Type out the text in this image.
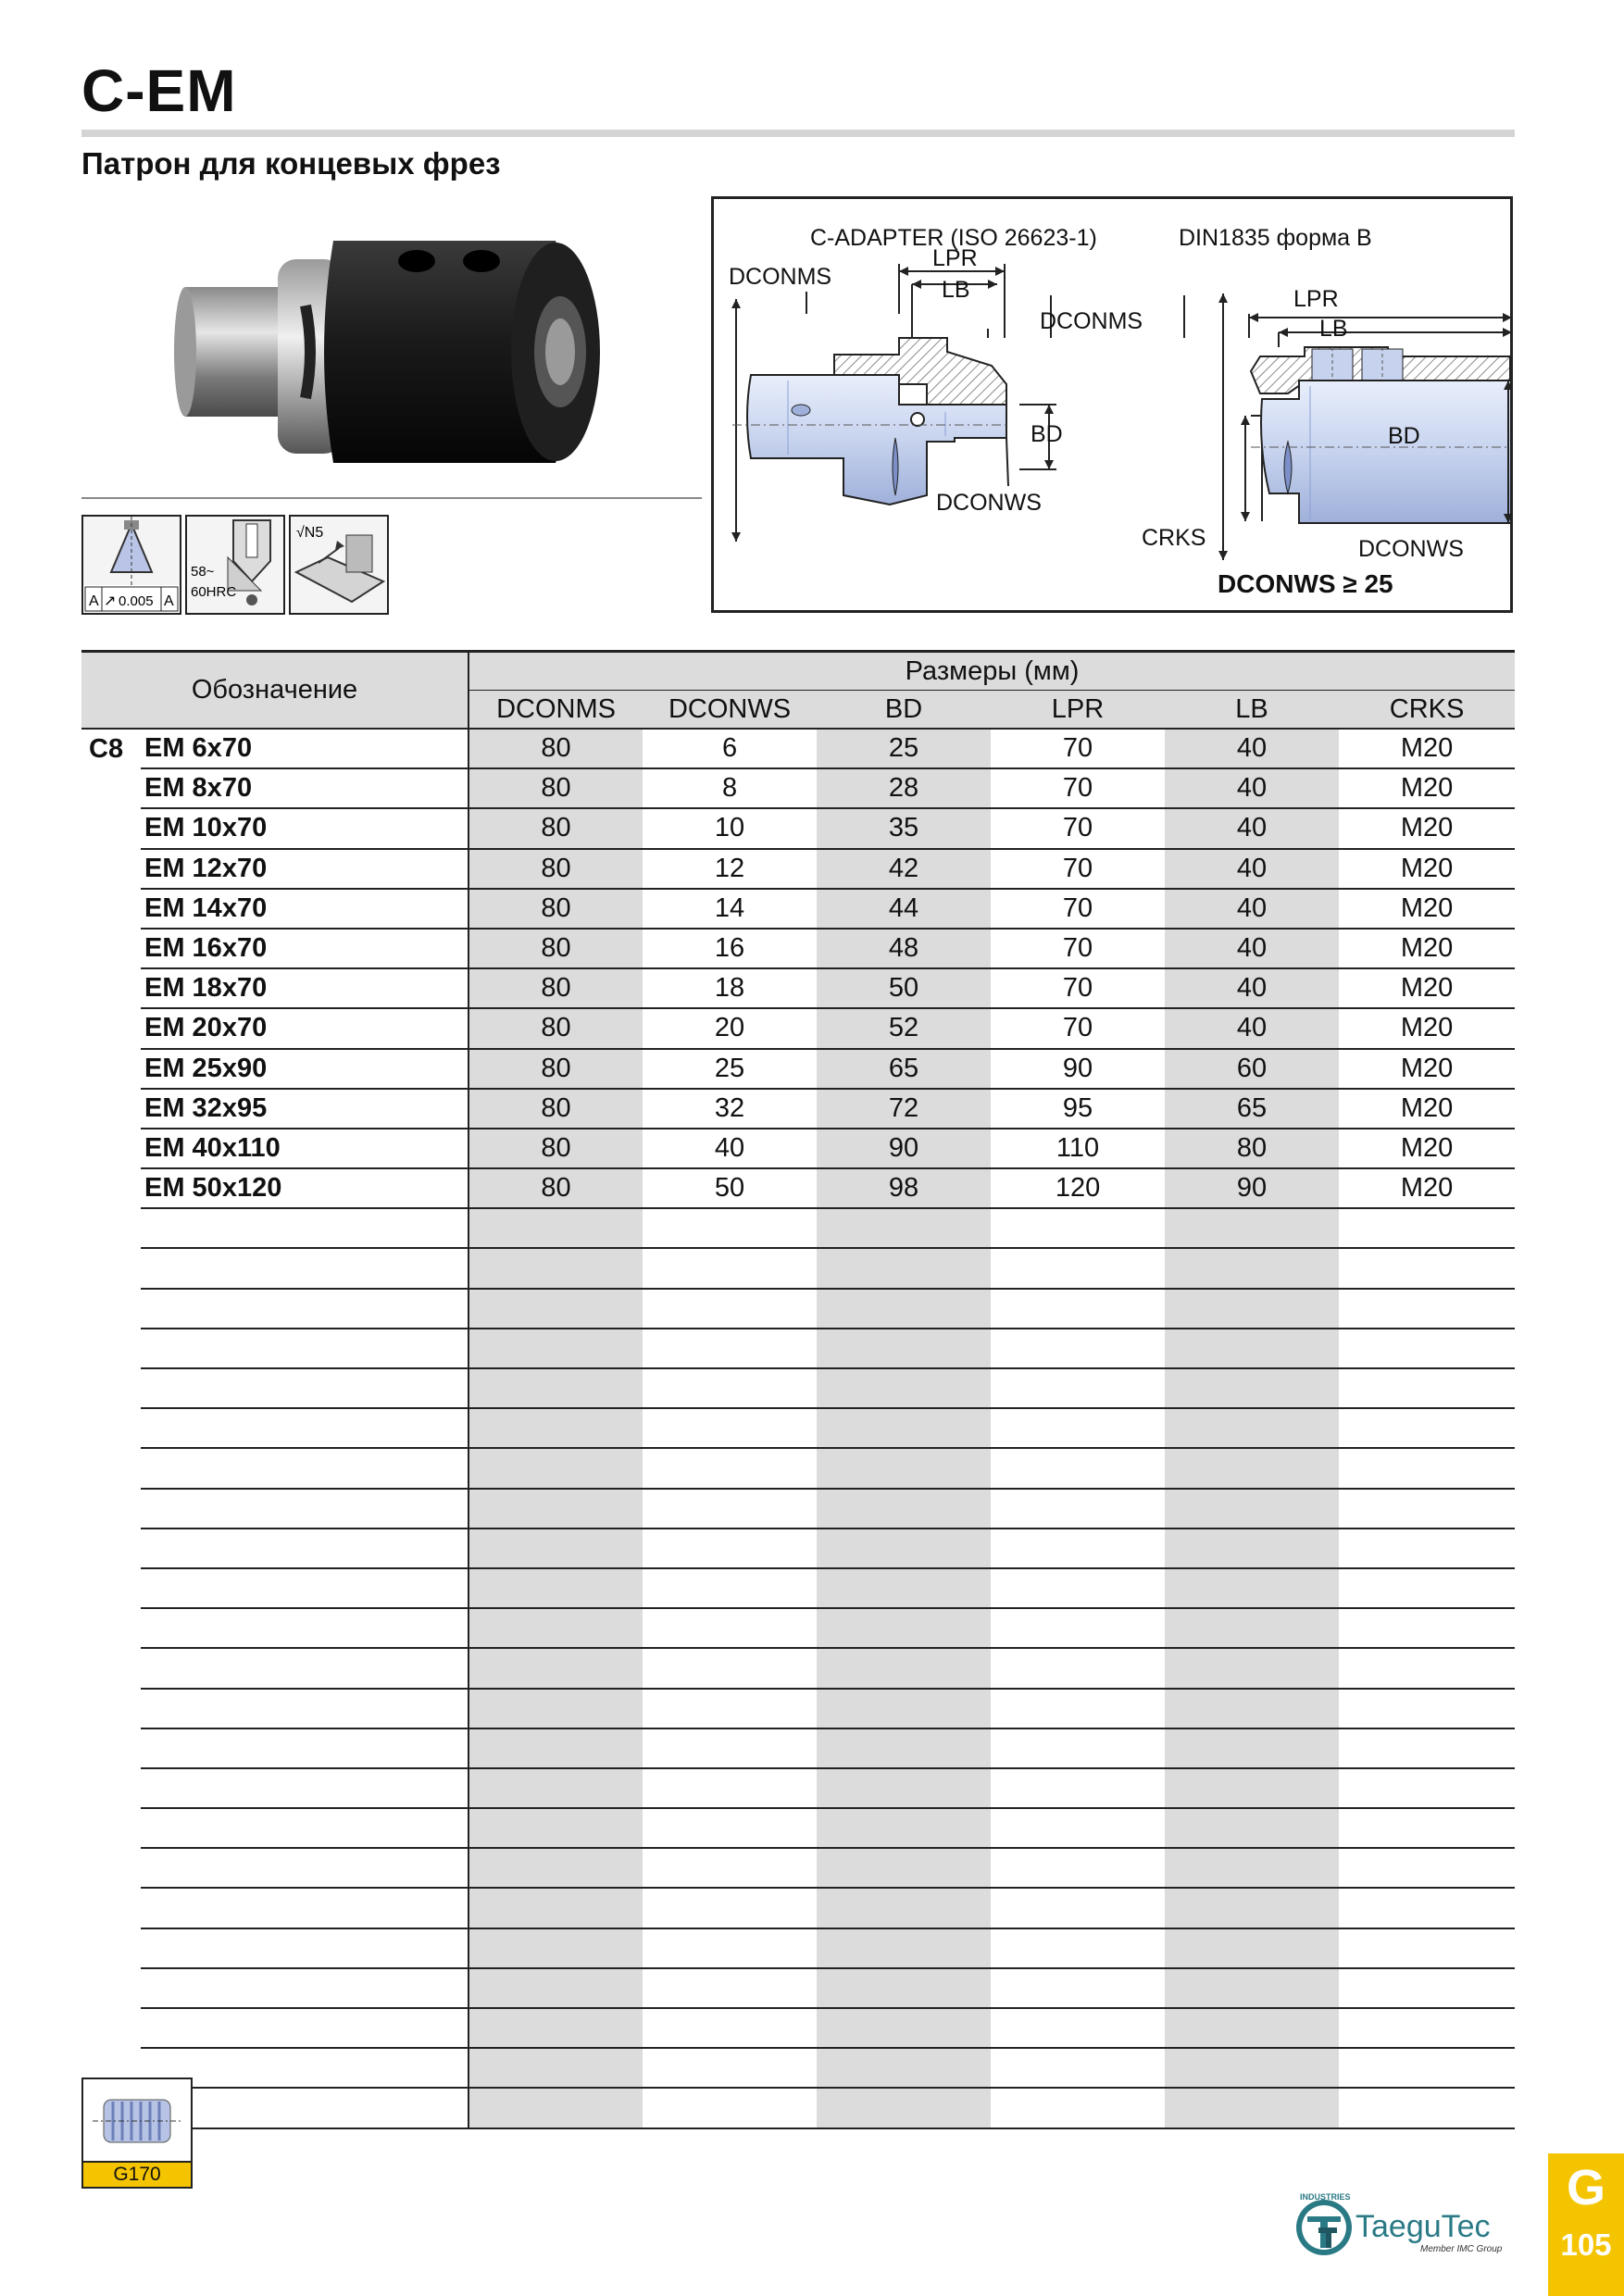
C-EM
Патрон для концевых фрез
A ↗ 0.005 A
58~
60HRC
√N5
C-ADAPTER (ISO 26623-1)	DIN1835 форма B
DCONMS
LPR
LB
BD
DCONWS
DCONMS
LPR
LB
BD
CRKS	DCONWS
DCONWS ≥ 25
Обозначение		Размеры (мм)					
		DCONMS	DCONWS	BD	LPR	LB	CRKS
C8	EM 6x70	80	6	25	70	40	M20
	EM 8x70	80	8	28	70	40	M20
	EM 10x70	80	10	35	70	40	M20
	EM 12x70	80	12	42	70	40	M20
	EM 14x70	80	14	44	70	40	M20
	EM 16x70	80	16	48	70	40	M20
	EM 18x70	80	18	50	70	40	M20
	EM 20x70	80	20	52	70	40	M20
	EM 25x90	80	25	65	90	60	M20
	EM 32x95	80	32	72	95	65	M20
	EM 40x110	80	40	90	110	80	M20
	EM 50x120	80	50	98	120	90	M20

G170
INDUSTRIES
TaeguTec
Member IMC Group
G
105
